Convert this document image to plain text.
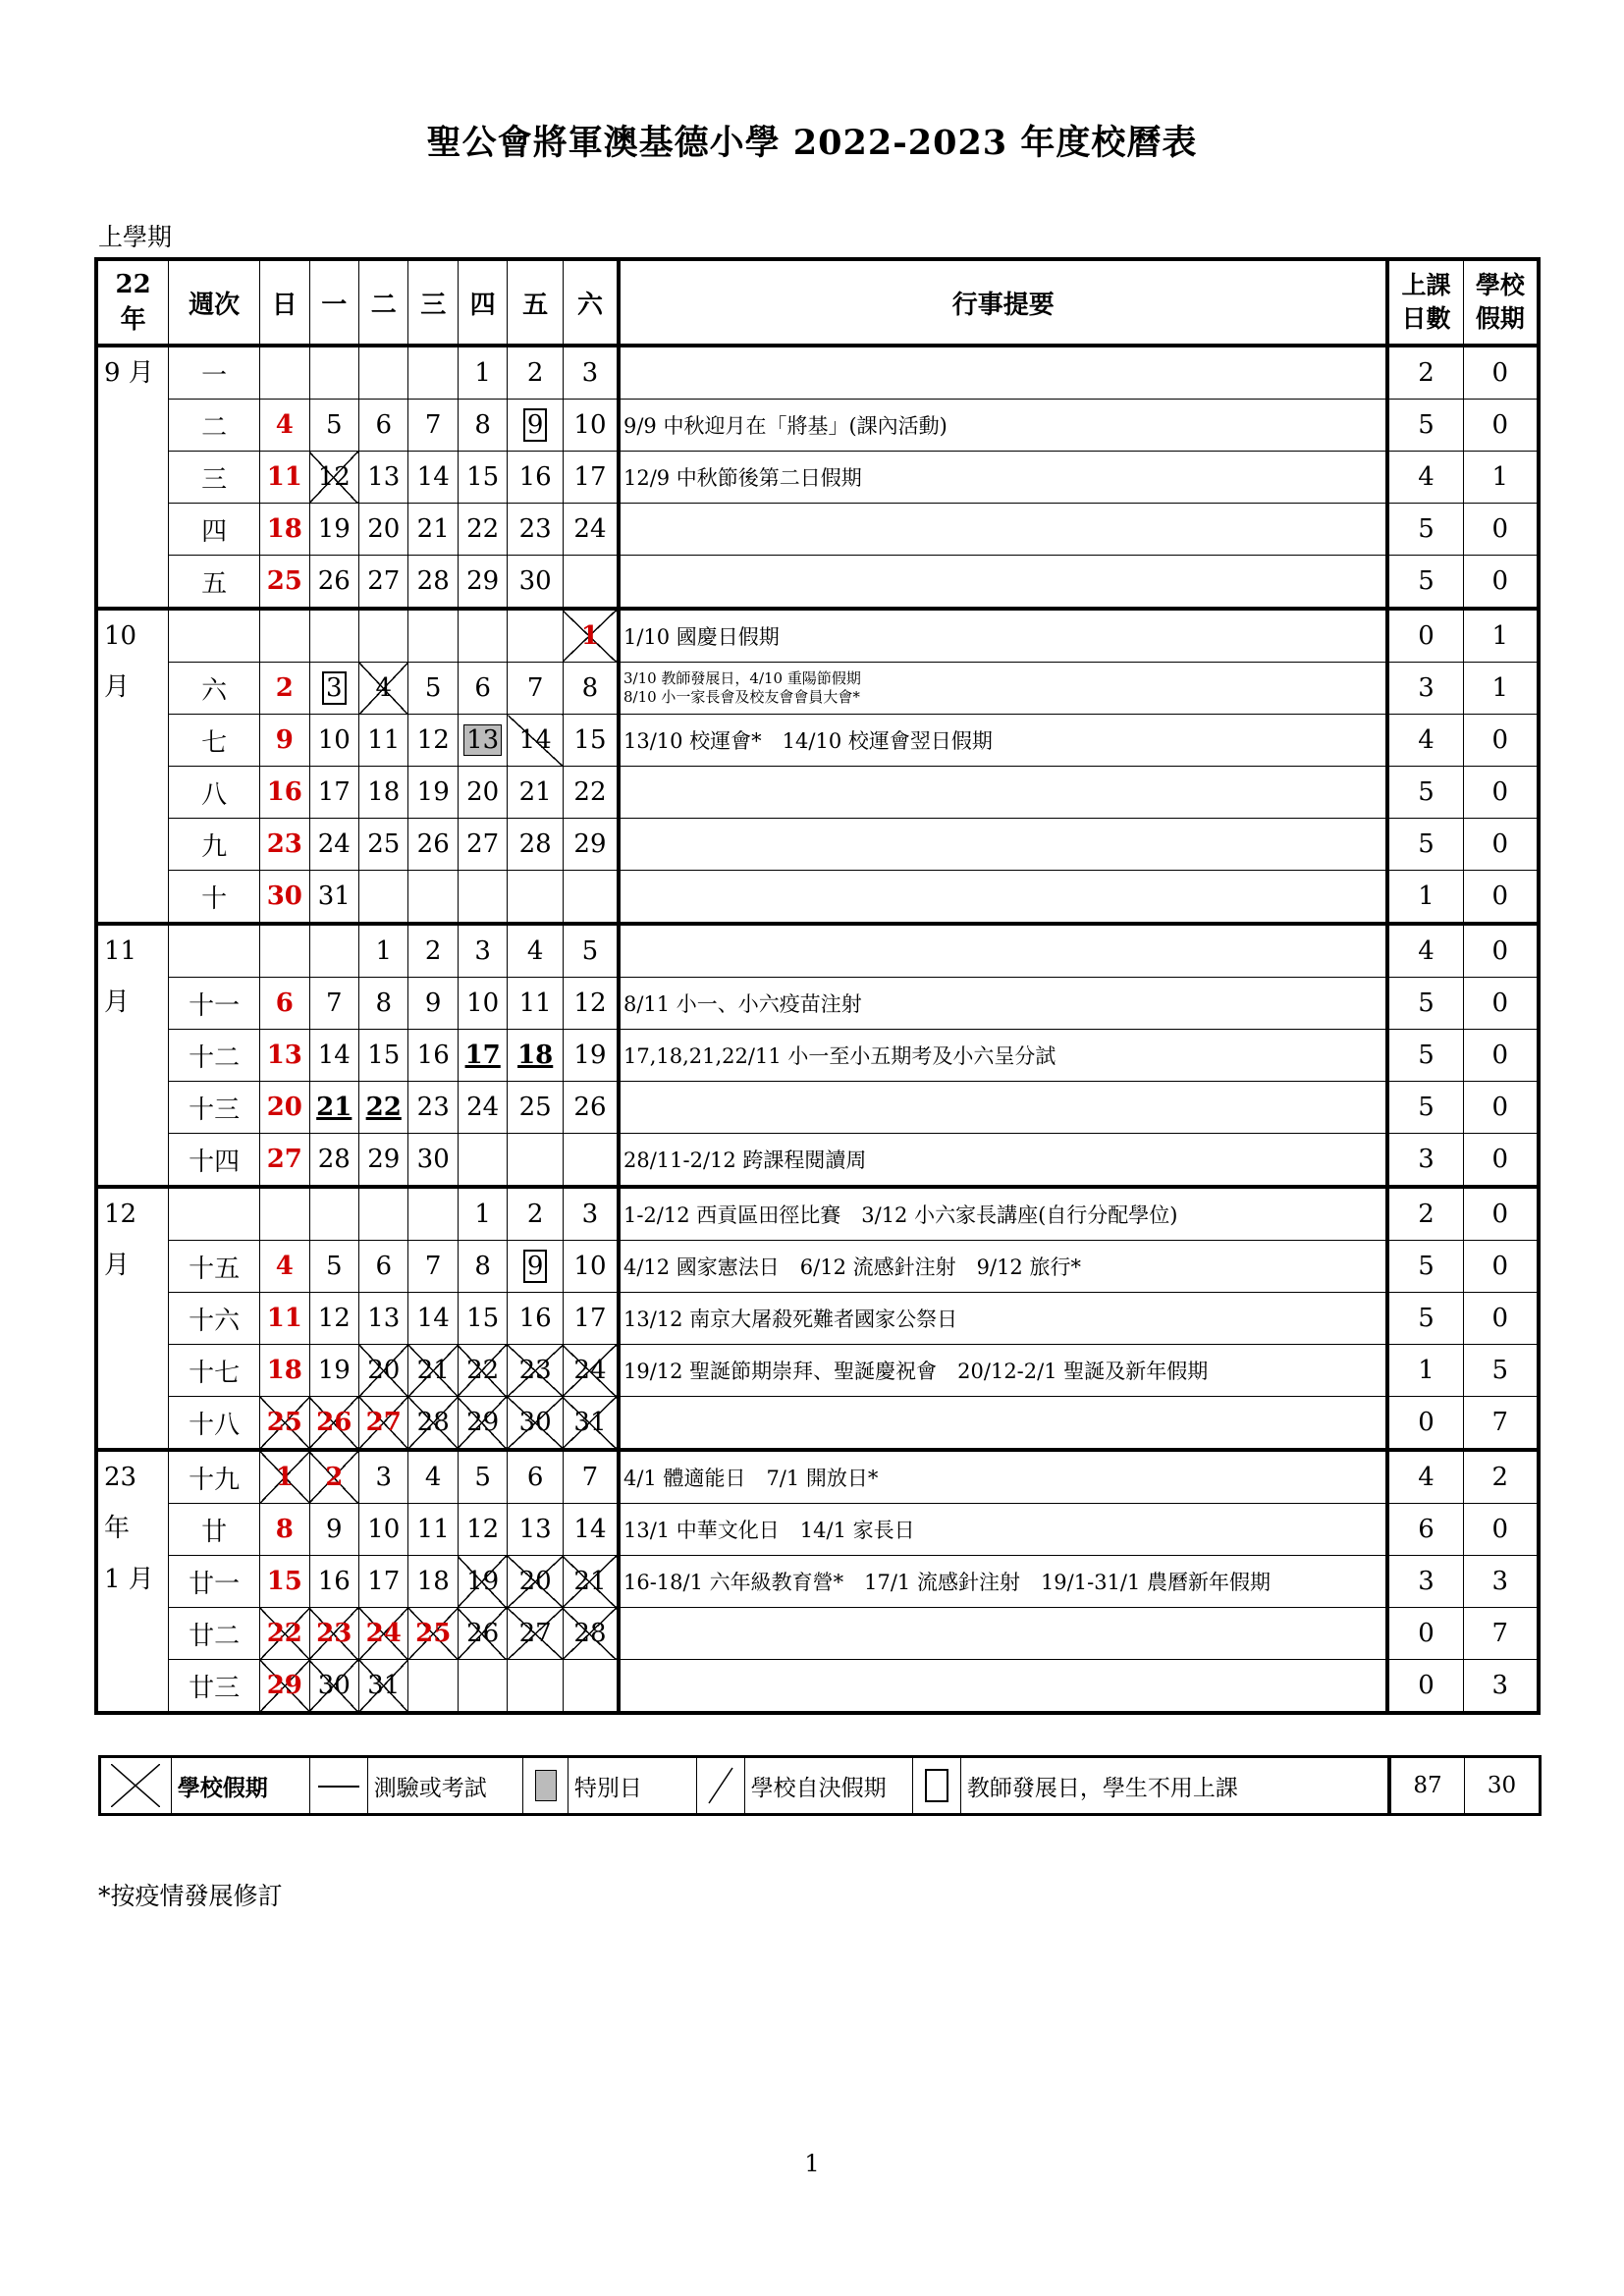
聖公會將軍澳基德小學 2022-2023 年度校曆表
上學期
22 年	週次	日	一	二	三	四	五	六	行事提要	上課日數	學校假期
9 月	一					1	2	3		2	0
	二	4	5	6	7	8	9	10	9/9 中秋迎月在「將基」(課內活動)	5	0
	三	11	12	13	14	15	16	17	12/9 中秋節後第二日假期	4	1
	四	18	19	20	21	22	23	24		5	0
	五	25	26	27	28	29	30			5	0
10 月								1	1/10 國慶日假期	0	1
	六	2	3	4	5	6	7	8	3/10 教師發展日，4/10 重陽節假期
8/10 小一家長會及校友會會員大會*	3	1
	七	9	10	11	12	13	14	15	13/10 校運會*　14/10 校運會翌日假期	4	0
	八	16	17	18	19	20	21	22		5	0
	九	23	24	25	26	27	28	29		5	0
	十	30	31							1	0
11 月				1	2	3	4	5		4	0
	十一	6	7	8	9	10	11	12	8/11 小一、小六疫苗注射	5	0
	十二	13	14	15	16	17	18	19	17,18,21,22/11 小一至小五期考及小六呈分試	5	0
	十三	20	21	22	23	24	25	26		5	0
	十四	27	28	29	30				28/11-2/12 跨課程閱讀周	3	0
12 月						1	2	3	1-2/12 西貢區田徑比賽　3/12 小六家長講座(自行分配學位)	2	0
	十五	4	5	6	7	8	9	10	4/12 國家憲法日　6/12 流感針注射　9/12 旅行*	5	0
	十六	11	12	13	14	15	16	17	13/12 南京大屠殺死難者國家公祭日	5	0
	十七	18	19	20	21	22	23	24	19/12 聖誕節期崇拜、聖誕慶祝會　20/12-2/1 聖誕及新年假期	1	5
	十八	25	26	27	28	29	30	31		0	7
23 年
1 月	十九	1	2	3	4	5	6	7	4/1 體適能日　7/1 開放日*	4	2
	廿	8	9	10	11	12	13	14	13/1 中華文化日　14/1 家長日	6	0
	廿一	15	16	17	18	19	20	21	16-18/1 六年級教育營*　17/1 流感針注射　19/1-31/1 農曆新年假期	3	3
	廿二	22	23	24	25	26	27	28		0	7
	廿三	29	30	31						0	3
	學校假期		測驗或考試		特別日		學校自決假期		教師發展日，學生不用上課	87	30
*按疫情發展修訂
1
